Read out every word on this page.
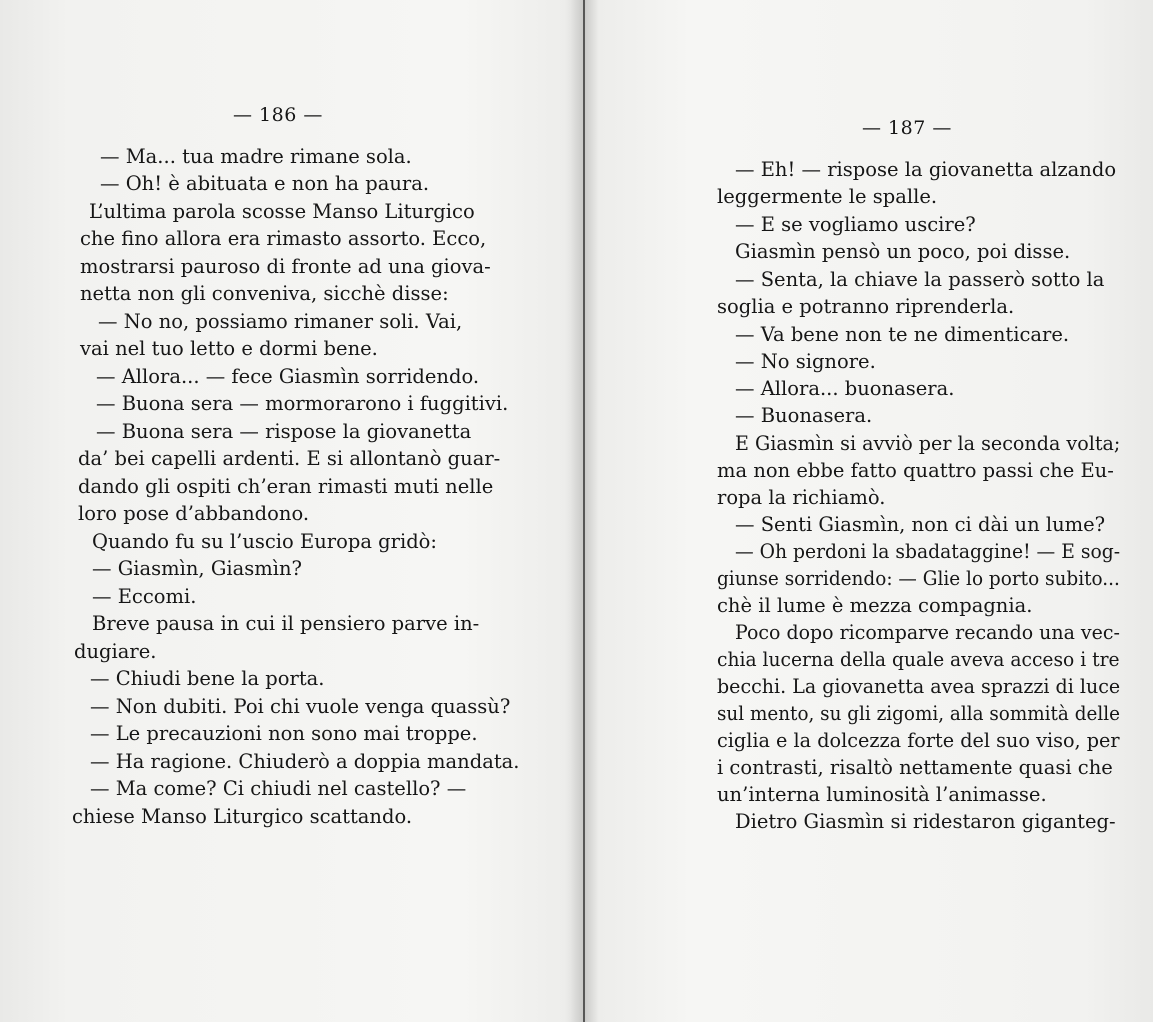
— 186 —
— Ma... tua madre rimane sola.
— Oh! è abituata e non ha paura.
L’ultima parola scosse Manso Liturgico
che fino allora era rimasto assorto. Ecco,
mostrarsi pauroso di fronte ad una giova-
netta non gli conveniva, sicchè disse:
— No no, possiamo rimaner soli. Vai,
vai nel tuo letto e dormi bene.
— Allora... — fece Giasmìn sorridendo.
— Buona sera — mormorarono i fuggitivi.
— Buona sera — rispose la giovanetta
da’ bei capelli ardenti. E si allontanò guar-
dando gli ospiti ch’eran rimasti muti nelle
loro pose d’abbandono.
Quando fu su l’uscio Europa gridò:
— Giasmìn, Giasmìn?
— Eccomi.
Breve pausa in cui il pensiero parve in-
dugiare.
— Chiudi bene la porta.
— Non dubiti. Poi chi vuole venga quassù?
— Le precauzioni non sono mai troppe.
— Ha ragione. Chiuderò a doppia mandata.
— Ma come? Ci chiudi nel castello? —
chiese Manso Liturgico scattando.
— 187 —
— Eh! — rispose la giovanetta alzando
leggermente le spalle.
— E se vogliamo uscire?
Giasmìn pensò un poco, poi disse.
— Senta, la chiave la passerò sotto la
soglia e potranno riprenderla.
— Va bene non te ne dimenticare.
— No signore.
— Allora... buonasera.
— Buonasera.
E Giasmìn si avviò per la seconda volta;
ma non ebbe fatto quattro passi che Eu-
ropa la richiamò.
— Senti Giasmìn, non ci dài un lume?
— Oh perdoni la sbadataggine! — E sog-
giunse sorridendo: — Glie lo porto subito...
chè il lume è mezza compagnia.
Poco dopo ricomparve recando una vec-
chia lucerna della quale aveva acceso i tre
becchi. La giovanetta avea sprazzi di luce
sul mento, su gli zigomi, alla sommità delle
ciglia e la dolcezza forte del suo viso, per
i contrasti, risaltò nettamente quasi che
un’interna luminosità l’animasse.
Dietro Giasmìn si ridestaron giganteg-
